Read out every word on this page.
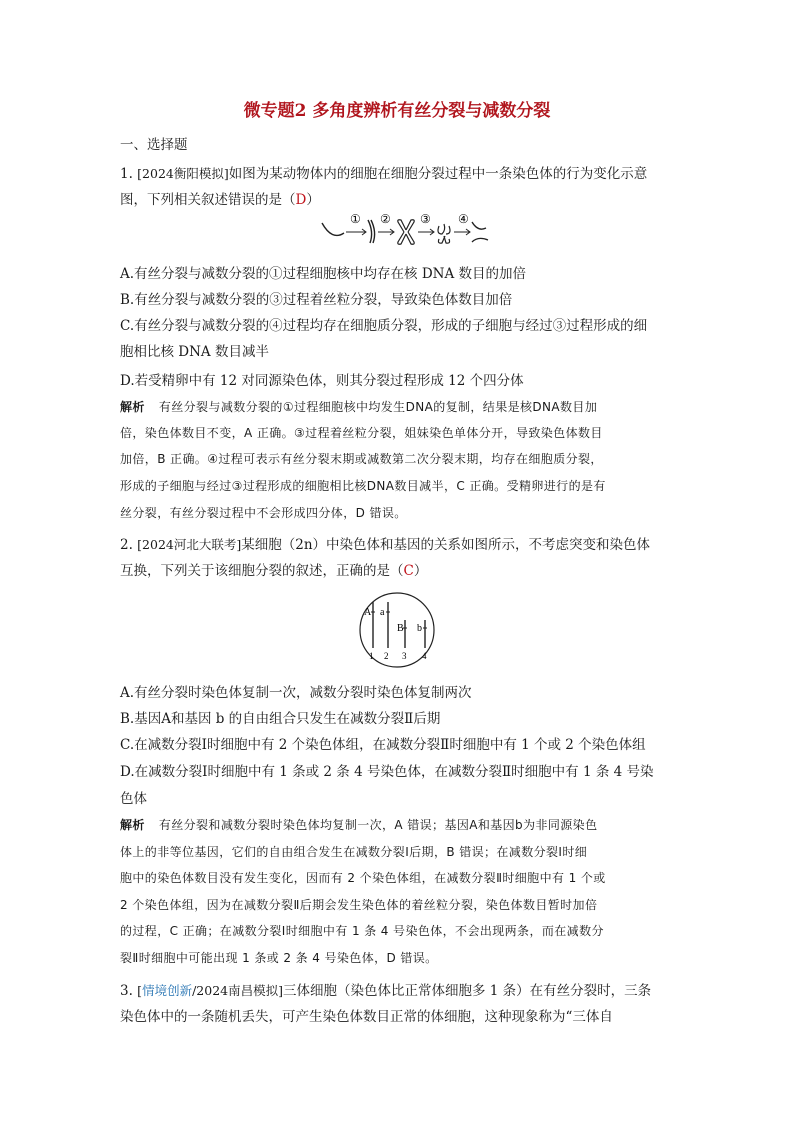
微专题2 多角度辨析有丝分裂与减数分裂
一、选择题
1. [2024衡阳模拟]如图为某动物体内的细胞在细胞分裂过程中一条染色体的行为变化示意
图，下列相关叙述错误的是（D）
① ② ③ ④
A.有丝分裂与减数分裂的①过程细胞核中均存在核 DNA 数目的加倍
B.有丝分裂与减数分裂的③过程着丝粒分裂，导致染色体数目加倍
C.有丝分裂与减数分裂的④过程均存在细胞质分裂，形成的子细胞与经过③过程形成的细
胞相比核 DNA 数目减半
D.若受精卵中有 12 对同源染色体，则其分裂过程形成 12 个四分体
解析 有丝分裂与减数分裂的①过程细胞核中均发生DNA的复制，结果是核DNA数目加
倍，染色体数目不变，A 正确。③过程着丝粒分裂，姐妹染色单体分开，导致染色体数目
加倍，B 正确。④过程可表示有丝分裂末期或减数第二次分裂末期，均存在细胞质分裂，
形成的子细胞与经过③过程形成的细胞相比核DNA数目减半，C 正确。受精卵进行的是有
丝分裂，有丝分裂过程中不会形成四分体，D 错误。
2. [2024河北大联考]某细胞（2n）中染色体和基因的关系如图所示，不考虑突变和染色体
互换，下列关于该细胞分裂的叙述，正确的是（C）
A a
B b
1 2 3 4
A.有丝分裂时染色体复制一次，减数分裂时染色体复制两次
B.基因A和基因 b 的自由组合只发生在减数分裂Ⅱ后期
C.在减数分裂Ⅰ时细胞中有 2 个染色体组，在减数分裂Ⅱ时细胞中有 1 个或 2 个染色体组
D.在减数分裂Ⅰ时细胞中有 1 条或 2 条 4 号染色体，在减数分裂Ⅱ时细胞中有 1 条 4 号染
色体
解析 有丝分裂和减数分裂时染色体均复制一次，A 错误；基因A和基因b为非同源染色
体上的非等位基因，它们的自由组合发生在减数分裂Ⅰ后期，B 错误；在减数分裂Ⅰ时细
胞中的染色体数目没有发生变化，因而有 2 个染色体组，在减数分裂Ⅱ时细胞中有 1 个或
2 个染色体组，因为在减数分裂Ⅱ后期会发生染色体的着丝粒分裂，染色体数目暂时加倍
的过程，C 正确；在减数分裂Ⅰ时细胞中有 1 条 4 号染色体，不会出现两条，而在减数分
裂Ⅱ时细胞中可能出现 1 条或 2 条 4 号染色体，D 错误。
3. [情境创新/2024南昌模拟]三体细胞（染色体比正常体细胞多 1 条）在有丝分裂时，三条
染色体中的一条随机丢失，可产生染色体数目正常的体细胞，这种现象称为“三体自
